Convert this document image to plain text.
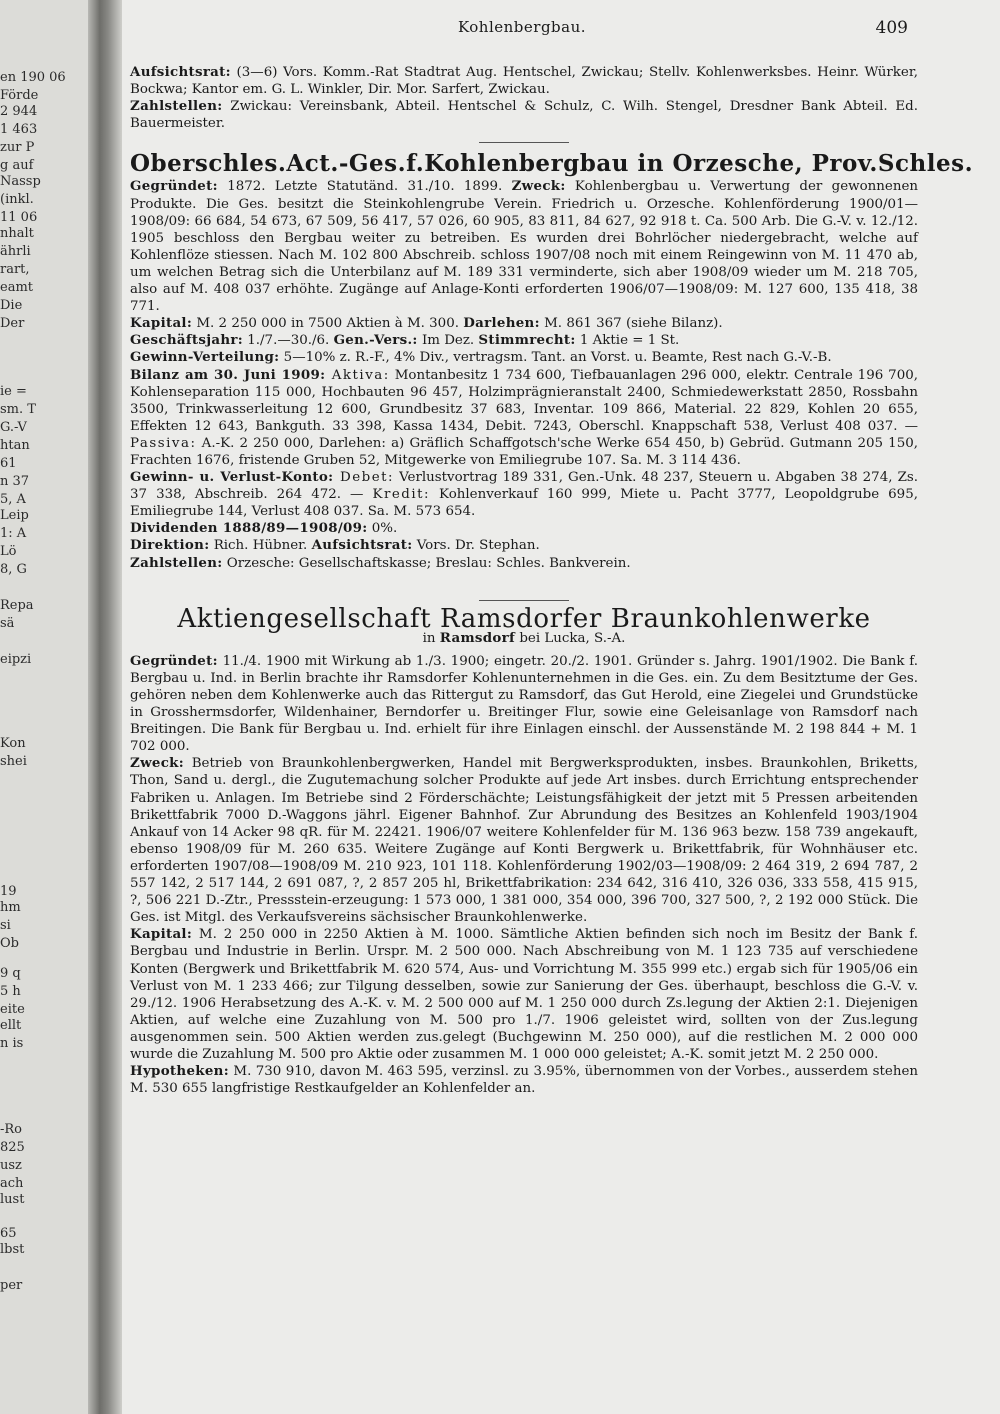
en 190 06
Förde
2 944
1 463
zur P
g auf
Nassp
(inkl.
11 06
nhalt
ährli
rart,
eamt
Die
Der
ie =
sm. T
G.-V
htan
61
n 37
5, A
Leip
1: A
Lö
8, G
Repa
sä
eipzi
Kon
shei
19
hm
si
Ob
9 q
5 h
eite
ellt
n is
-Ro
825
usz
ach
lust
65
lbst
per
Kohlenbergbau.	409

Aufsichtsrat: (3—6) Vors. Komm.-Rat Stadtrat Aug. Hentschel, Zwickau; Stellv. Kohlenwerksbes. Heinr. Würker, Bockwa; Kantor em. G. L. Winkler, Dir. Mor. Sarfert, Zwickau.

Zahlstellen: Zwickau: Vereinsbank, Abteil. Hentschel & Schulz, C. Wilh. Stengel, Dresdner Bank Abteil. Ed. Bauermeister.

Oberschles.Act.-Ges.f.Kohlenbergbau in Orzesche, Prov.Schles.

Gegründet: 1872. Letzte Statutänd. 31./10. 1899. Zweck: Kohlenbergbau u. Verwertung der gewonnenen Produkte. Die Ges. besitzt die Steinkohlengrube Verein. Friedrich u. Orzesche. Kohlenförderung 1900/01—1908/09: 66 684, 54 673, 67 509, 56 417, 57 026, 60 905, 83 811, 84 627, 92 918 t. Ca. 500 Arb. Die G.-V. v. 12./12. 1905 beschloss den Bergbau weiter zu betreiben. Es wurden drei Bohrlöcher niedergebracht, welche auf Kohlenflöze stiessen. Nach M. 102 800 Abschreib. schloss 1907/08 noch mit einem Reingewinn von M. 11 470 ab, um welchen Betrag sich die Unterbilanz auf M. 189 331 verminderte, sich aber 1908/09 wieder um M. 218 705, also auf M. 408 037 erhöhte. Zugänge auf Anlage-Konti erforderten 1906/07—1908/09: M. 127 600, 135 418, 38 771.

Kapital: M. 2 250 000 in 7500 Aktien à M. 300. Darlehen: M. 861 367 (siehe Bilanz).

Geschäftsjahr: 1./7.—30./6. Gen.-Vers.: Im Dez. Stimmrecht: 1 Aktie = 1 St.

Gewinn-Verteilung: 5—10% z. R.-F., 4% Div., vertragsm. Tant. an Vorst. u. Beamte, Rest nach G.-V.-B.

Bilanz am 30. Juni 1909: Aktiva: Montanbesitz 1 734 600, Tiefbauanlagen 296 000, elektr. Centrale 196 700, Kohlenseparation 115 000, Hochbauten 96 457, Holzimprägnieranstalt 2400, Schmiedewerkstatt 2850, Rossbahn 3500, Trinkwasserleitung 12 600, Grundbesitz 37 683, Inventar. 109 866, Material. 22 829, Kohlen 20 655, Effekten 12 643, Bankguth. 33 398, Kassa 1434, Debit. 7243, Oberschl. Knappschaft 538, Verlust 408 037. — Passiva: A.-K. 2 250 000, Darlehen: a) Gräflich Schaffgotsch'sche Werke 654 450, b) Gebrüd. Gutmann 205 150, Frachten 1676, fristende Gruben 52, Mitgewerke von Emiliegrube 107. Sa. M. 3 114 436.

Gewinn- u. Verlust-Konto: Debet: Verlustvortrag 189 331, Gen.-Unk. 48 237, Steuern u. Abgaben 38 274, Zs. 37 338, Abschreib. 264 472. — Kredit: Kohlenverkauf 160 999, Miete u. Pacht 3777, Leopoldgrube 695, Emiliegrube 144, Verlust 408 037. Sa. M. 573 654.

Dividenden 1888/89—1908/09: 0%.

Direktion: Rich. Hübner. Aufsichtsrat: Vors. Dr. Stephan.

Zahlstellen: Orzesche: Gesellschaftskasse; Breslau: Schles. Bankverein.

Aktiengesellschaft Ramsdorfer Braunkohlenwerke
in Ramsdorf bei Lucka, S.-A.

Gegründet: 11./4. 1900 mit Wirkung ab 1./3. 1900; eingetr. 20./2. 1901. Gründer s. Jahrg. 1901/1902. Die Bank f. Bergbau u. Ind. in Berlin brachte ihr Ramsdorfer Kohlenunternehmen in die Ges. ein. Zu dem Besitztume der Ges. gehören neben dem Kohlenwerke auch das Rittergut zu Ramsdorf, das Gut Herold, eine Ziegelei und Grundstücke in Grosshermsdorfer, Wildenhainer, Berndorfer u. Breitinger Flur, sowie eine Geleisanlage von Ramsdorf nach Breitingen. Die Bank für Bergbau u. Ind. erhielt für ihre Einlagen einschl. der Aussenstände M. 2 198 844 + M. 1 702 000.

Zweck: Betrieb von Braunkohlenbergwerken, Handel mit Bergwerksprodukten, insbes. Braunkohlen, Briketts, Thon, Sand u. dergl., die Zugutemachung solcher Produkte auf jede Art insbes. durch Errichtung entsprechender Fabriken u. Anlagen. Im Betriebe sind 2 Förderschächte; Leistungsfähigkeit der jetzt mit 5 Pressen arbeitenden Brikettfabrik 7000 D.-Waggons jährl. Eigener Bahnhof. Zur Abrundung des Besitzes an Kohlenfeld 1903/1904 Ankauf von 14 Acker 98 qR. für M. 22421. 1906/07 weitere Kohlenfelder für M. 136 963 bezw. 158 739 angekauft, ebenso 1908/09 für M. 260 635. Weitere Zugänge auf Konti Bergwerk u. Brikettfabrik, für Wohnhäuser etc. erforderten 1907/08—1908/09 M. 210 923, 101 118. Kohlenförderung 1902/03—1908/09: 2 464 319, 2 694 787, 2 557 142, 2 517 144, 2 691 087, ?, 2 857 205 hl, Brikettfabrikation: 234 642, 316 410, 326 036, 333 558, 415 915, ?, 506 221 D.-Ztr., Pressstein-erzeugung: 1 573 000, 1 381 000, 354 000, 396 700, 327 500, ?, 2 192 000 Stück. Die Ges. ist Mitgl. des Verkaufsvereins sächsischer Braunkohlenwerke.

Kapital: M. 2 250 000 in 2250 Aktien à M. 1000. Sämtliche Aktien befinden sich noch im Besitz der Bank f. Bergbau und Industrie in Berlin. Urspr. M. 2 500 000. Nach Abschreibung von M. 1 123 735 auf verschiedene Konten (Bergwerk und Brikettfabrik M. 620 574, Aus- und Vorrichtung M. 355 999 etc.) ergab sich für 1905/06 ein Verlust von M. 1 233 466; zur Tilgung desselben, sowie zur Sanierung der Ges. überhaupt, beschloss die G.-V. v. 29./12. 1906 Herabsetzung des A.-K. v. M. 2 500 000 auf M. 1 250 000 durch Zs.legung der Aktien 2:1. Diejenigen Aktien, auf welche eine Zuzahlung von M. 500 pro 1./7. 1906 geleistet wird, sollten von der Zus.legung ausgenommen sein. 500 Aktien werden zus.gelegt (Buchgewinn M. 250 000), auf die restlichen M. 2 000 000 wurde die Zuzahlung M. 500 pro Aktie oder zusammen M. 1 000 000 geleistet; A.-K. somit jetzt M. 2 250 000.

Hypotheken: M. 730 910, davon M. 463 595, verzinsl. zu 3.95%, übernommen von der Vorbes., ausserdem stehen M. 530 655 langfristige Restkaufgelder an Kohlenfelder an.
